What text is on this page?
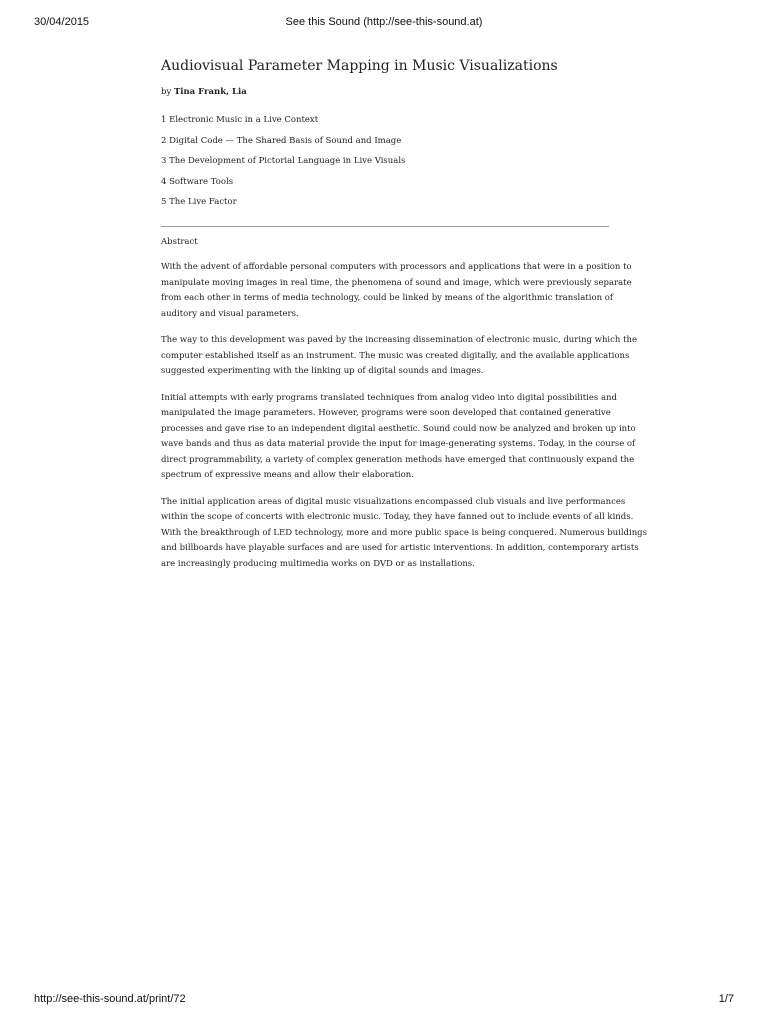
30/04/2015	See this Sound (http://see-this-sound.at)
Audiovisual Parameter Mapping in Music Visualizations
by Tina Frank, Lia
1 Electronic Music in a Live Context
2 Digital Code — The Shared Basis of Sound and Image
3 The Development of Pictorial Language in Live Visuals
4 Software Tools
5 The Live Factor
Abstract

With the advent of affordable personal computers with processors and applications that were in a position to manipulate moving images in real time, the phenomena of sound and image, which were previously separate from each other in terms of media technology, could be linked by means of the algorithmic translation of auditory and visual parameters.

The way to this development was paved by the increasing dissemination of electronic music, during which the computer established itself as an instrument. The music was created digitally, and the available applications suggested experimenting with the linking up of digital sounds and images.

Initial attempts with early programs translated techniques from analog video into digital possibilities and manipulated the image parameters. However, programs were soon developed that contained generative processes and gave rise to an independent digital aesthetic. Sound could now be analyzed and broken up into wave bands and thus as data material provide the input for image-generating systems. Today, in the course of direct programmability, a variety of complex generation methods have emerged that continuously expand the spectrum of expressive means and allow their elaboration.

The initial application areas of digital music visualizations encompassed club visuals and live performances within the scope of concerts with electronic music. Today, they have fanned out to include events of all kinds. With the breakthrough of LED technology, more and more public space is being conquered. Numerous buildings and billboards have playable surfaces and are used for artistic interventions. In addition, contemporary artists are increasingly producing multimedia works on DVD or as installations.

http://see-this-sound.at/print/72	1/7
